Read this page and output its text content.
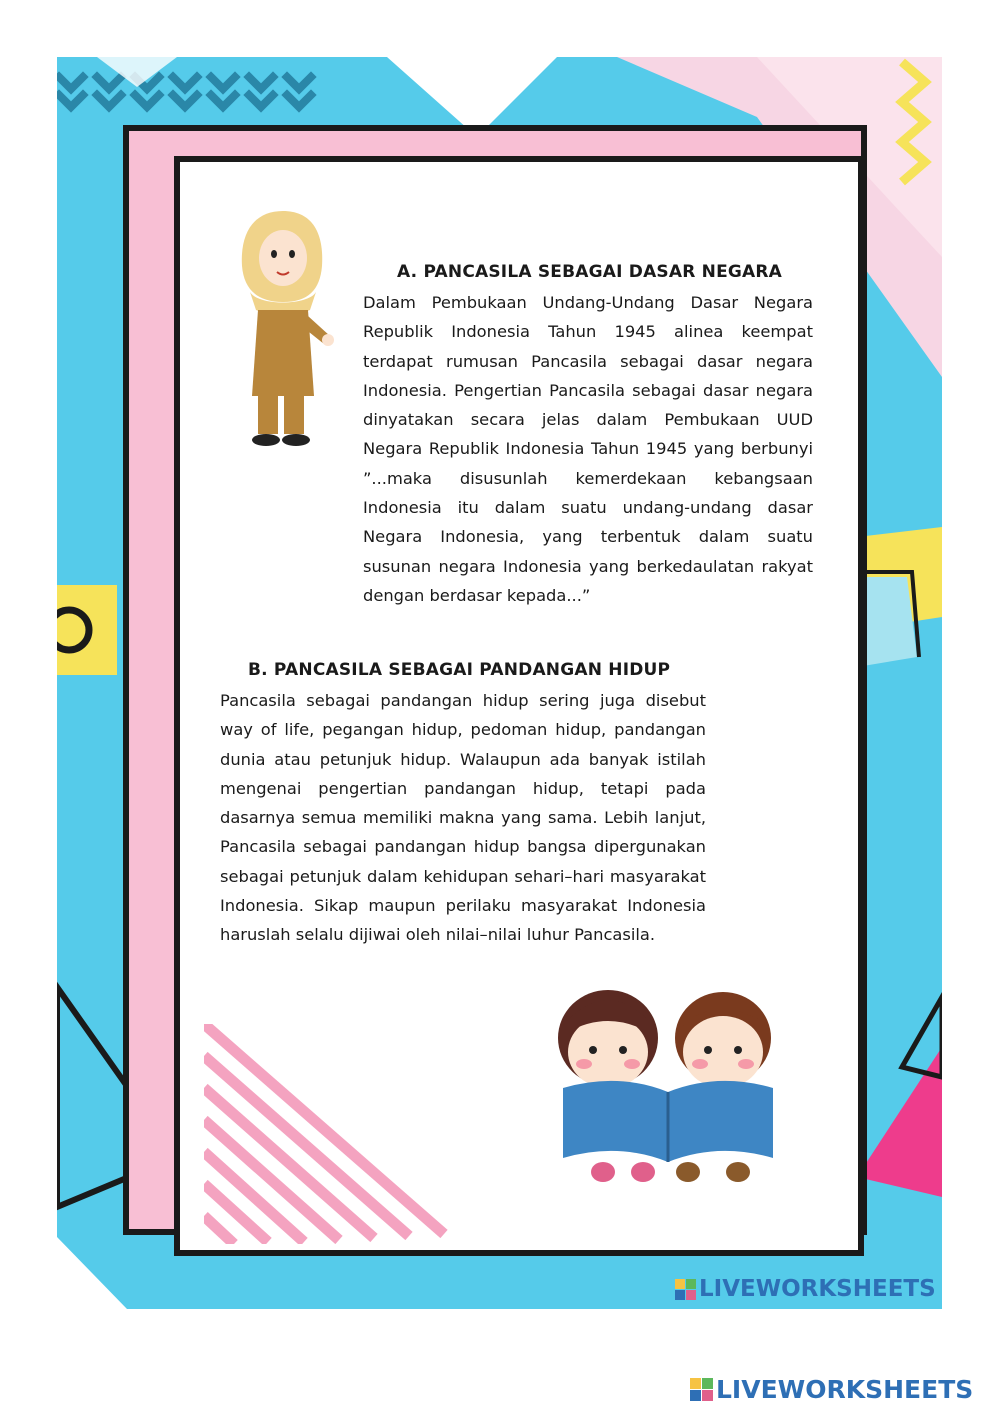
A. PANCASILA SEBAGAI DASAR NEGARA

Dalam Pembukaan Undang-Undang Dasar Negara Republik Indonesia Tahun 1945 alinea keempat terdapat rumusan Pancasila sebagai dasar negara Indonesia. Pengertian Pancasila sebagai dasar negara dinyatakan secara jelas dalam Pembukaan UUD Negara Republik Indonesia Tahun 1945 yang berbunyi ”...maka disusunlah kemerdekaan kebangsaan Indonesia itu dalam suatu undang-undang dasar Negara Indonesia, yang terbentuk dalam suatu susunan negara Indonesia yang berkedaulatan rakyat dengan berdasar kepada...”

B. PANCASILA SEBAGAI PANDANGAN HIDUP

Pancasila sebagai pandangan hidup sering juga disebut way of life, pegangan hidup, pedoman hidup, pandangan dunia atau petunjuk hidup. Walaupun ada banyak istilah mengenai pengertian pandangan hidup, tetapi pada dasarnya semua memiliki makna yang sama. Lebih lanjut, Pancasila sebagai pandangan hidup bangsa dipergunakan sebagai petunjuk dalam kehidupan sehari–hari masyarakat Indonesia. Sikap maupun perilaku masyarakat Indonesia haruslah selalu dijiwai oleh nilai–nilai luhur Pancasila.

LIVEWORKSHEETS
LIVEWORKSHEETS
